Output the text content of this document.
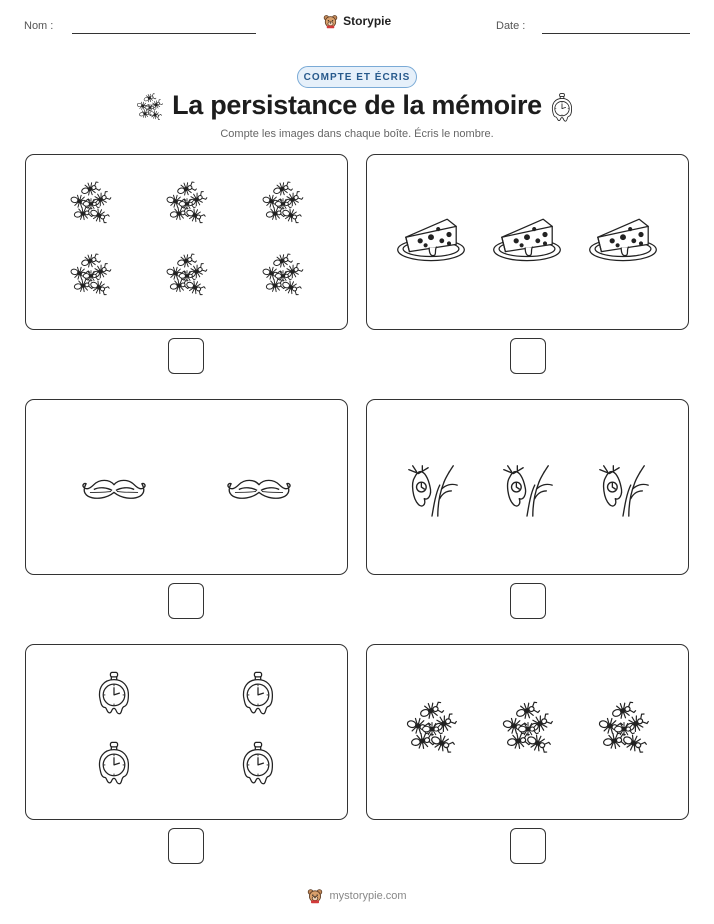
Nom :	Storypie	Date :
COMPTE ET ÉCRIS
La persistance de la mémoire
Compte les images dans chaque boîte. Écris le nombre.
mystorypie.com
